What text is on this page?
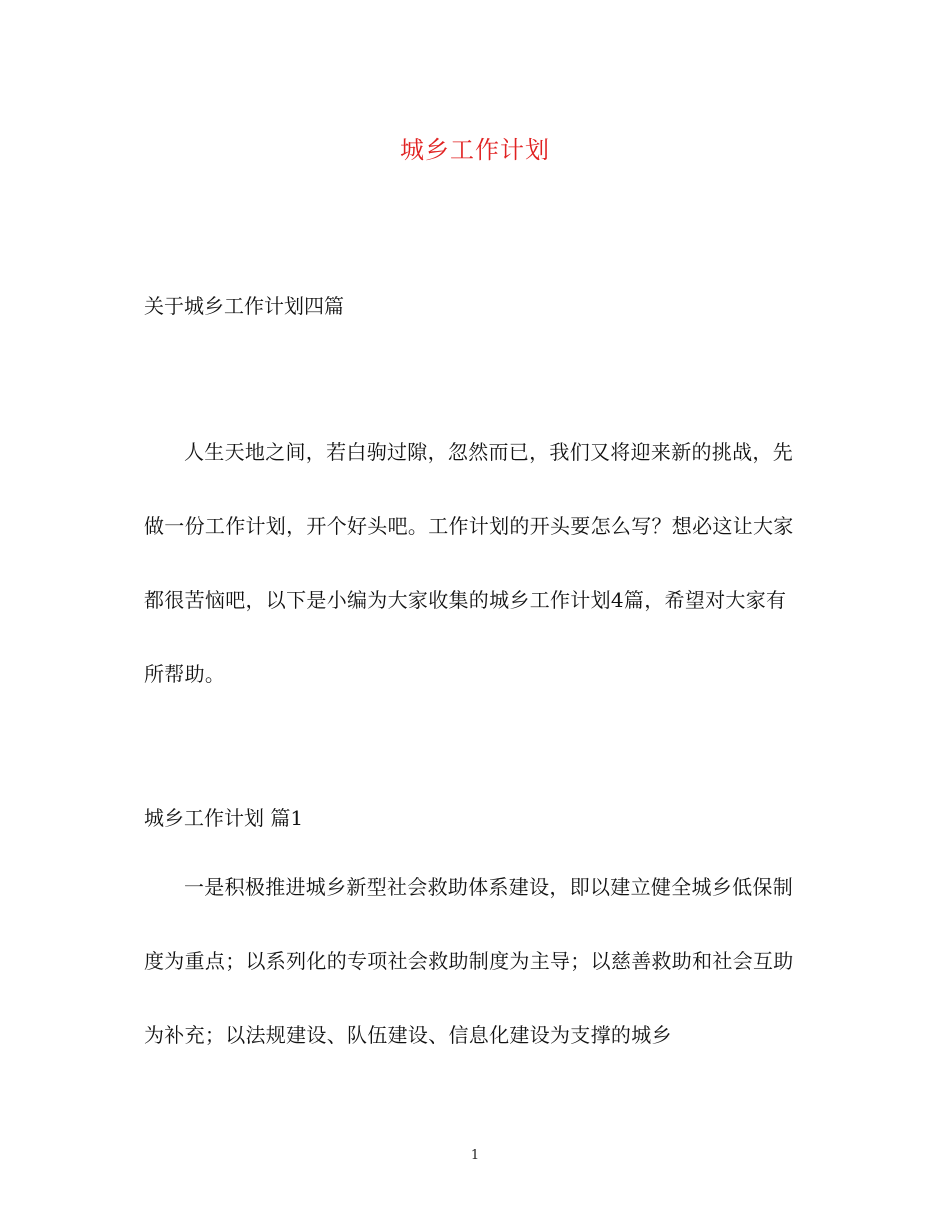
城乡工作计划
关于城乡工作计划四篇
人生天地之间，若白驹过隙，忽然而已，我们又将迎来新的挑战，先做一份工作计划，开个好头吧。工作计划的开头要怎么写？想必这让大家都很苦恼吧，以下是小编为大家收集的城乡工作计划4篇，希望对大家有所帮助。
城乡工作计划 篇1
一是积极推进城乡新型社会救助体系建设，即以建立健全城乡低保制度为重点；以系列化的专项社会救助制度为主导；以慈善救助和社会互助为补充；以法规建设、队伍建设、信息化建设为支撑的城乡
1
